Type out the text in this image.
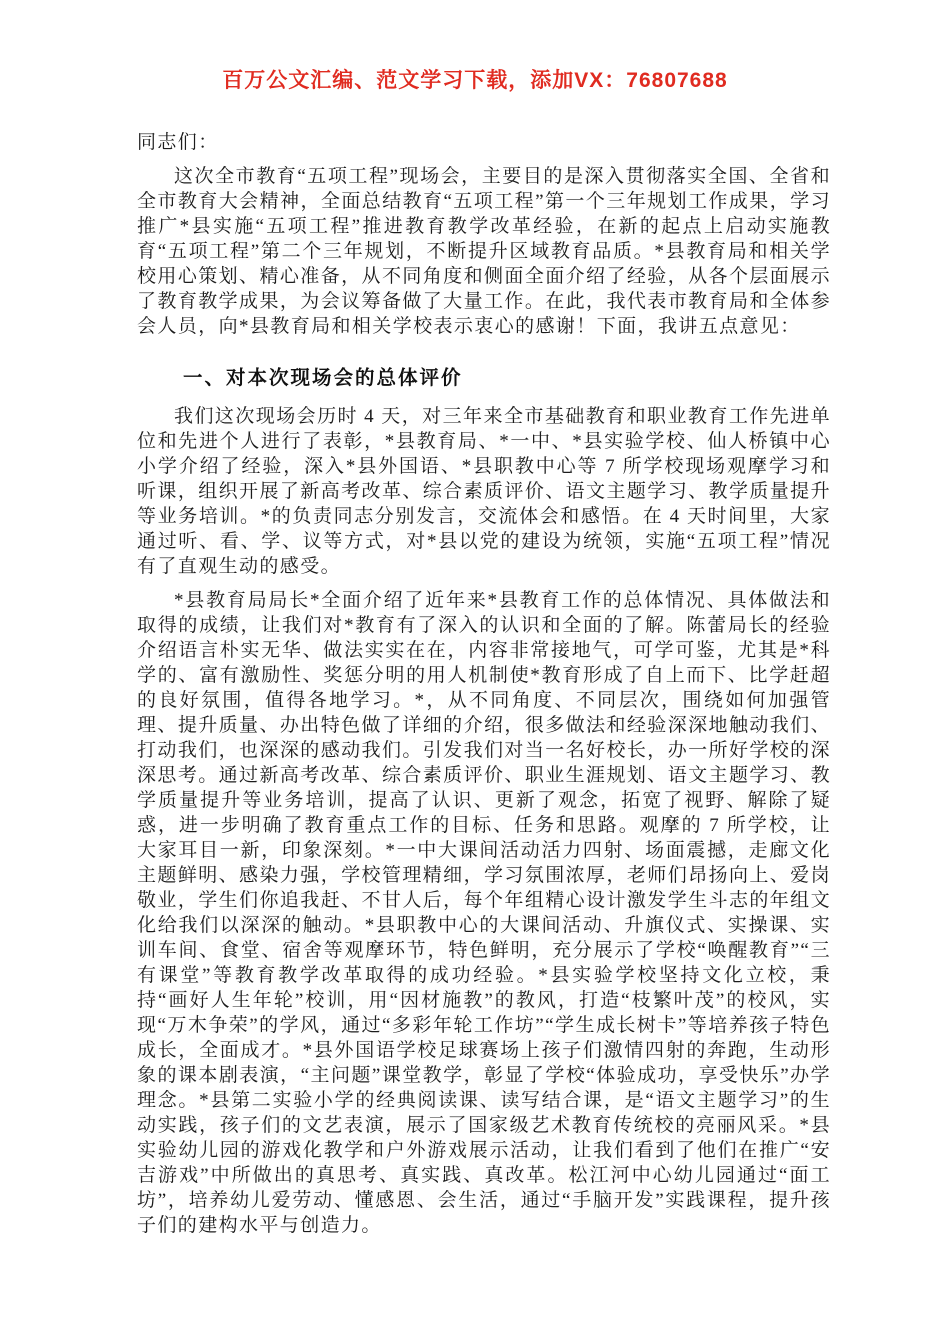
百万公文汇编、范文学习下载，添加VX：76807688

同志们：

这次全市教育“五项工程”现场会，主要目的是深入贯彻落实全国、全省和全市教育大会精神，全面总结教育“五项工程”第一个三年规划工作成果，学习推广*县实施“五项工程”推进教育教学改革经验，在新的起点上启动实施教育“五项工程”第二个三年规划，不断提升区域教育品质。*县教育局和相关学校用心策划、精心准备，从不同角度和侧面全面介绍了经验，从各个层面展示了教育教学成果，为会议筹备做了大量工作。在此，我代表市教育局和全体参会人员，向*县教育局和相关学校表示衷心的感谢！下面，我讲五点意见：

一、对本次现场会的总体评价

我们这次现场会历时 4 天，对三年来全市基础教育和职业教育工作先进单位和先进个人进行了表彰，*县教育局、*一中、*县实验学校、仙人桥镇中心小学介绍了经验，深入*县外国语、*县职教中心等 7 所学校现场观摩学习和听课，组织开展了新高考改革、综合素质评价、语文主题学习、教学质量提升等业务培训。*的负责同志分别发言，交流体会和感悟。在 4 天时间里，大家通过听、看、学、议等方式，对*县以党的建设为统领，实施“五项工程”情况有了直观生动的感受。

*县教育局局长*全面介绍了近年来*县教育工作的总体情况、具体做法和取得的成绩，让我们对*教育有了深入的认识和全面的了解。陈蕾局长的经验介绍语言朴实无华、做法实实在在，内容非常接地气，可学可鉴，尤其是*科学的、富有激励性、奖惩分明的用人机制使*教育形成了自上而下、比学赶超的良好氛围，值得各地学习。*，从不同角度、不同层次，围绕如何加强管理、提升质量、办出特色做了详细的介绍，很多做法和经验深深地触动我们、打动我们，也深深的感动我们。引发我们对当一名好校长，办一所好学校的深深思考。通过新高考改革、综合素质评价、职业生涯规划、语文主题学习、教学质量提升等业务培训，提高了认识、更新了观念，拓宽了视野、解除了疑惑，进一步明确了教育重点工作的目标、任务和思路。观摩的 7 所学校，让大家耳目一新，印象深刻。*一中大课间活动活力四射、场面震撼，走廊文化主题鲜明、感染力强，学校管理精细，学习氛围浓厚，老师们昂扬向上、爱岗敬业，学生们你追我赶、不甘人后，每个年组精心设计激发学生斗志的年组文化给我们以深深的触动。*县职教中心的大课间活动、升旗仪式、实操课、实训车间、食堂、宿舍等观摩环节，特色鲜明，充分展示了学校“唤醒教育”“三有课堂”等教育教学改革取得的成功经验。*县实验学校坚持文化立校，秉持“画好人生年轮”校训，用“因材施教”的教风，打造“枝繁叶茂”的校风，实现“万木争荣”的学风，通过“多彩年轮工作坊”“学生成长树卡”等培养孩子特色成长，全面成才。*县外国语学校足球赛场上孩子们激情四射的奔跑，生动形象的课本剧表演，“主问题”课堂教学，彰显了学校“体验成功，享受快乐”办学理念。*县第二实验小学的经典阅读课、读写结合课，是“语文主题学习”的生动实践，孩子们的文艺表演，展示了国家级艺术教育传统校的亮丽风采。*县实验幼儿园的游戏化教学和户外游戏展示活动，让我们看到了他们在推广“安吉游戏”中所做出的真思考、真实践、真改革。松江河中心幼儿园通过“面工坊”，培养幼儿爱劳动、懂感恩、会生活，通过“手脑开发”实践课程，提升孩子们的建构水平与创造力。
